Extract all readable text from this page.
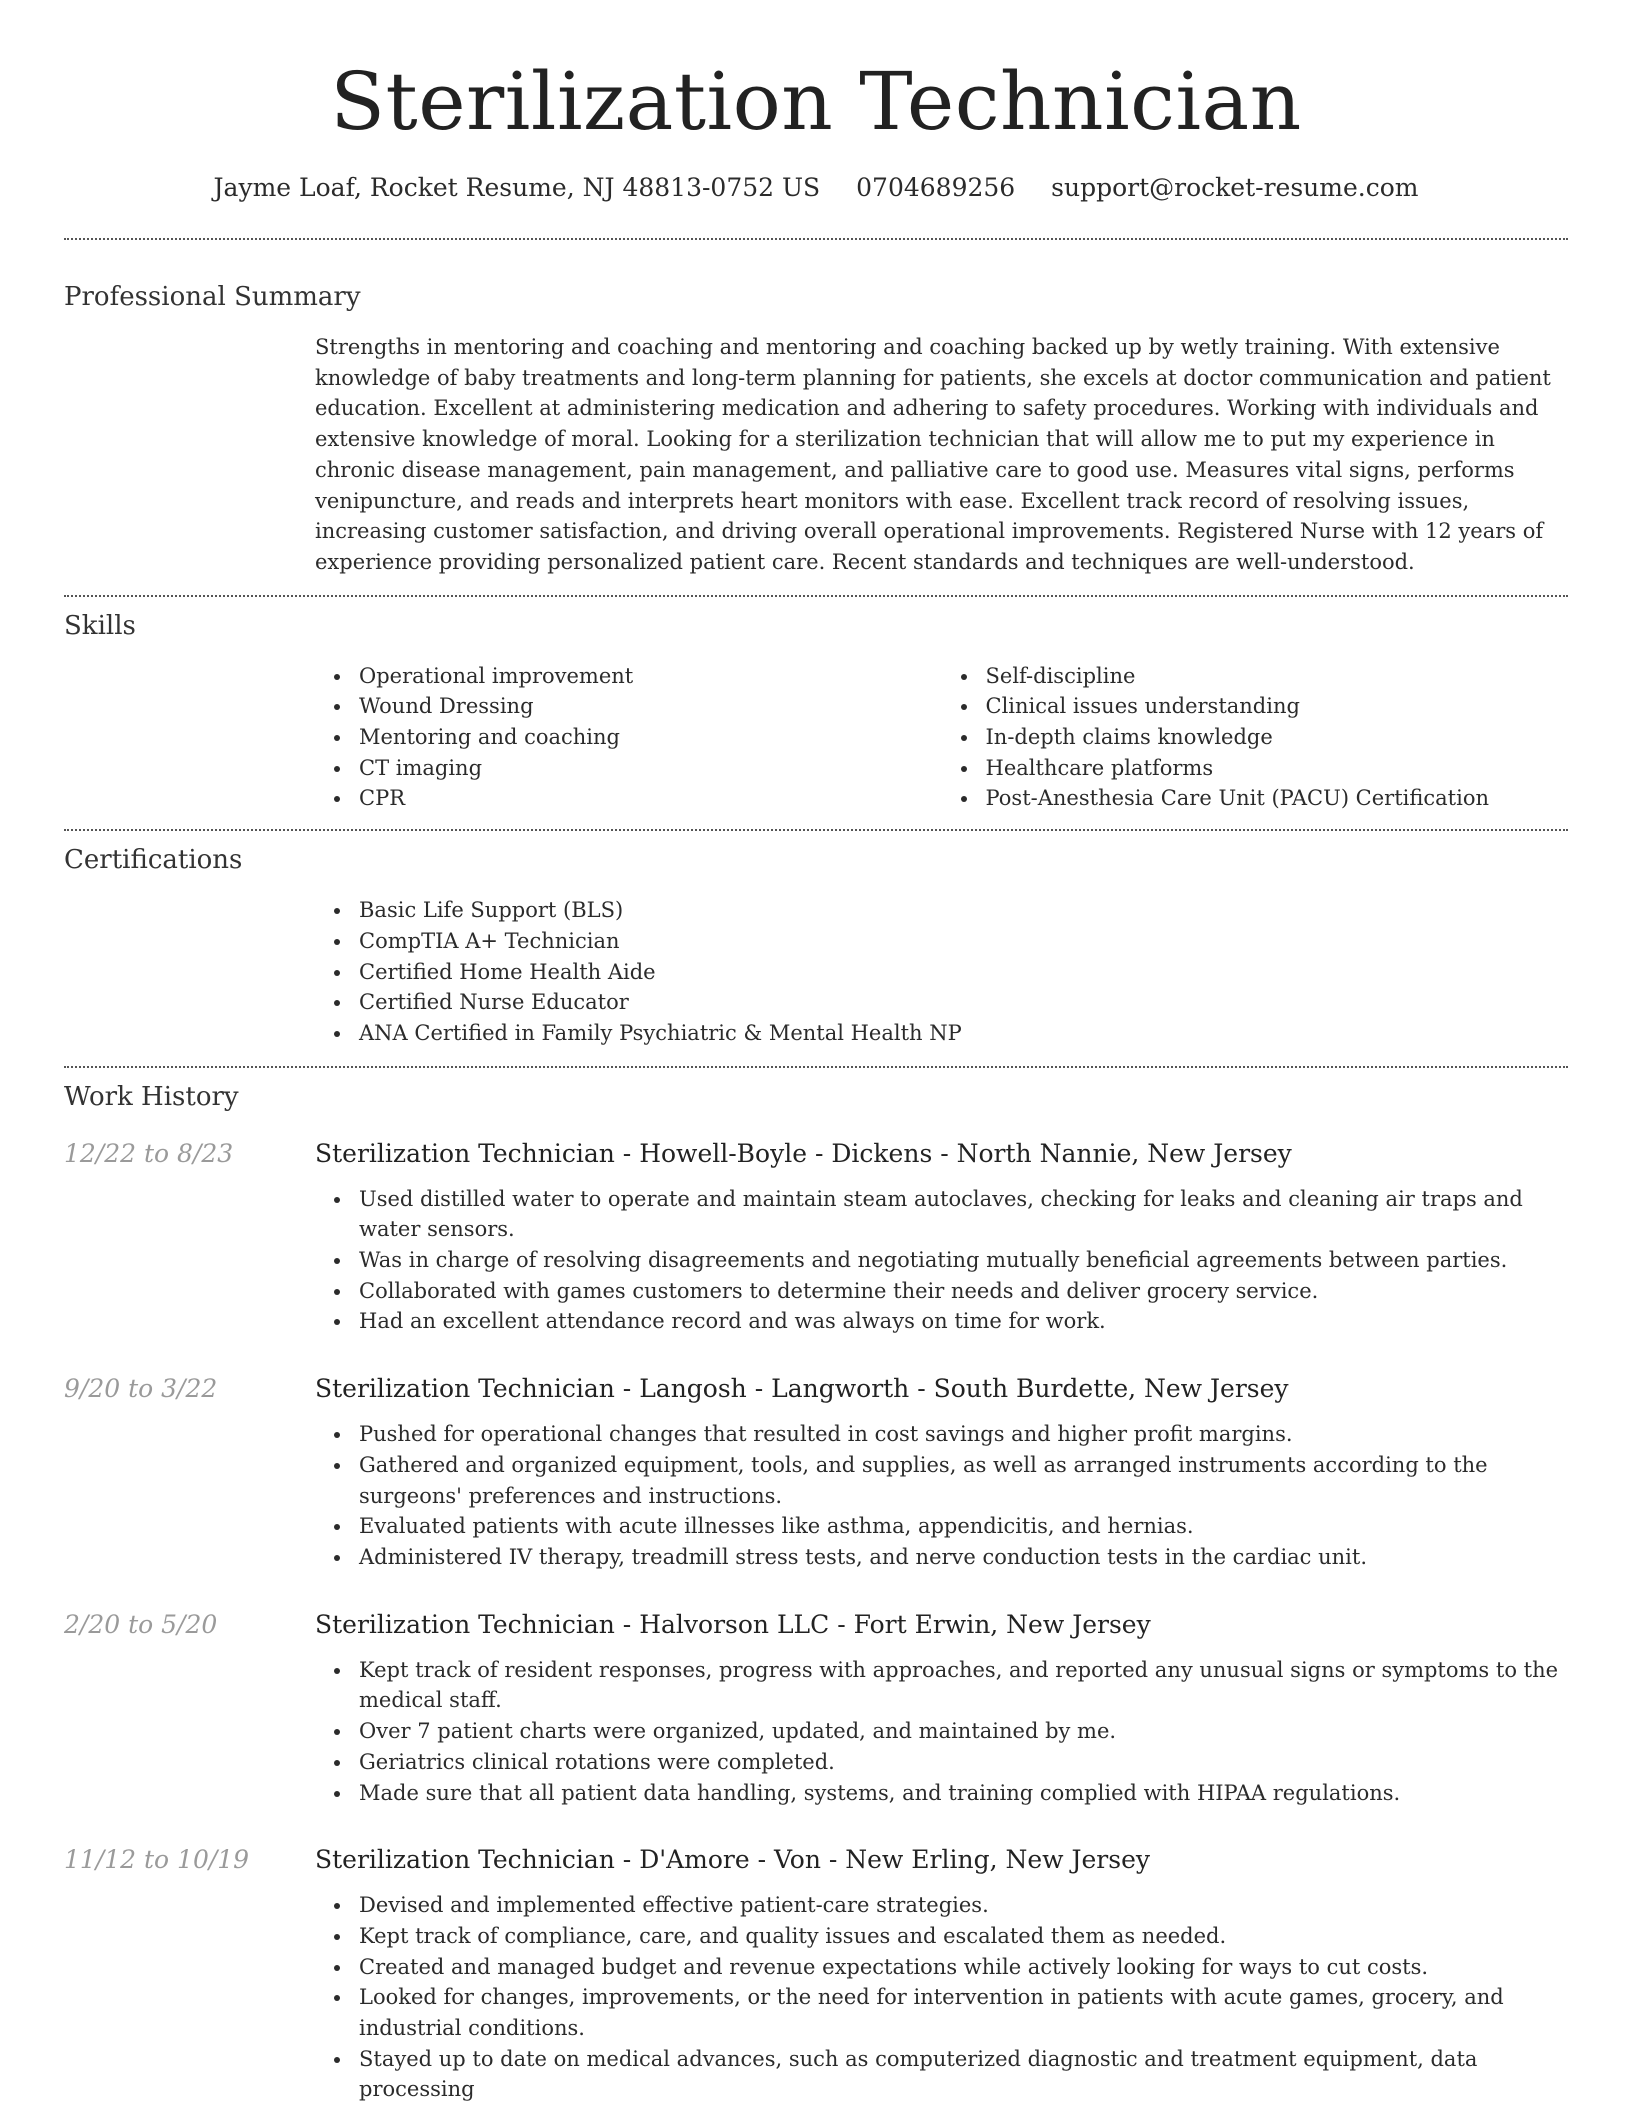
Sterilization Technician
Jayme Loaf, Rocket Resume, NJ 48813-0752 US 0704689256 support@rocket-resume.com
Professional Summary
Strengths in mentoring and coaching and mentoring and coaching backed up by wetly training. With extensive knowledge of baby treatments and long-term planning for patients, she excels at doctor communication and patient education. Excellent at administering medication and adhering to safety procedures. Working with individuals and extensive knowledge of moral. Looking for a sterilization technician that will allow me to put my experience in chronic disease management, pain management, and palliative care to good use. Measures vital signs, performs venipuncture, and reads and interprets heart monitors with ease. Excellent track record of resolving issues, increasing customer satisfaction, and driving overall operational improvements. Registered Nurse with 12 years of experience providing personalized patient care. Recent standards and techniques are well-understood.
Skills
Operational improvement
Wound Dressing
Mentoring and coaching
CT imaging
CPR
Self-discipline
Clinical issues understanding
In-depth claims knowledge
Healthcare platforms
Post-Anesthesia Care Unit (PACU) Certification
Certifications
Basic Life Support (BLS)
CompTIA A+ Technician
Certified Home Health Aide
Certified Nurse Educator
ANA Certified in Family Psychiatric & Mental Health NP
Work History
12/22 to 8/23	Sterilization Technician - Howell-Boyle - Dickens - North Nannie, New Jersey
Used distilled water to operate and maintain steam autoclaves, checking for leaks and cleaning air traps and water sensors.
Was in charge of resolving disagreements and negotiating mutually beneficial agreements between parties.
Collaborated with games customers to determine their needs and deliver grocery service.
Had an excellent attendance record and was always on time for work.
9/20 to 3/22	Sterilization Technician - Langosh - Langworth - South Burdette, New Jersey
Pushed for operational changes that resulted in cost savings and higher profit margins.
Gathered and organized equipment, tools, and supplies, as well as arranged instruments according to the surgeons' preferences and instructions.
Evaluated patients with acute illnesses like asthma, appendicitis, and hernias.
Administered IV therapy, treadmill stress tests, and nerve conduction tests in the cardiac unit.
2/20 to 5/20	Sterilization Technician - Halvorson LLC - Fort Erwin, New Jersey
Kept track of resident responses, progress with approaches, and reported any unusual signs or symptoms to the medical staff.
Over 7 patient charts were organized, updated, and maintained by me.
Geriatrics clinical rotations were completed.
Made sure that all patient data handling, systems, and training complied with HIPAA regulations.
11/12 to 10/19	Sterilization Technician - D'Amore - Von - New Erling, New Jersey
Devised and implemented effective patient-care strategies.
Kept track of compliance, care, and quality issues and escalated them as needed.
Created and managed budget and revenue expectations while actively looking for ways to cut costs.
Looked for changes, improvements, or the need for intervention in patients with acute games, grocery, and industrial conditions.
Stayed up to date on medical advances, such as computerized diagnostic and treatment equipment, data processing
